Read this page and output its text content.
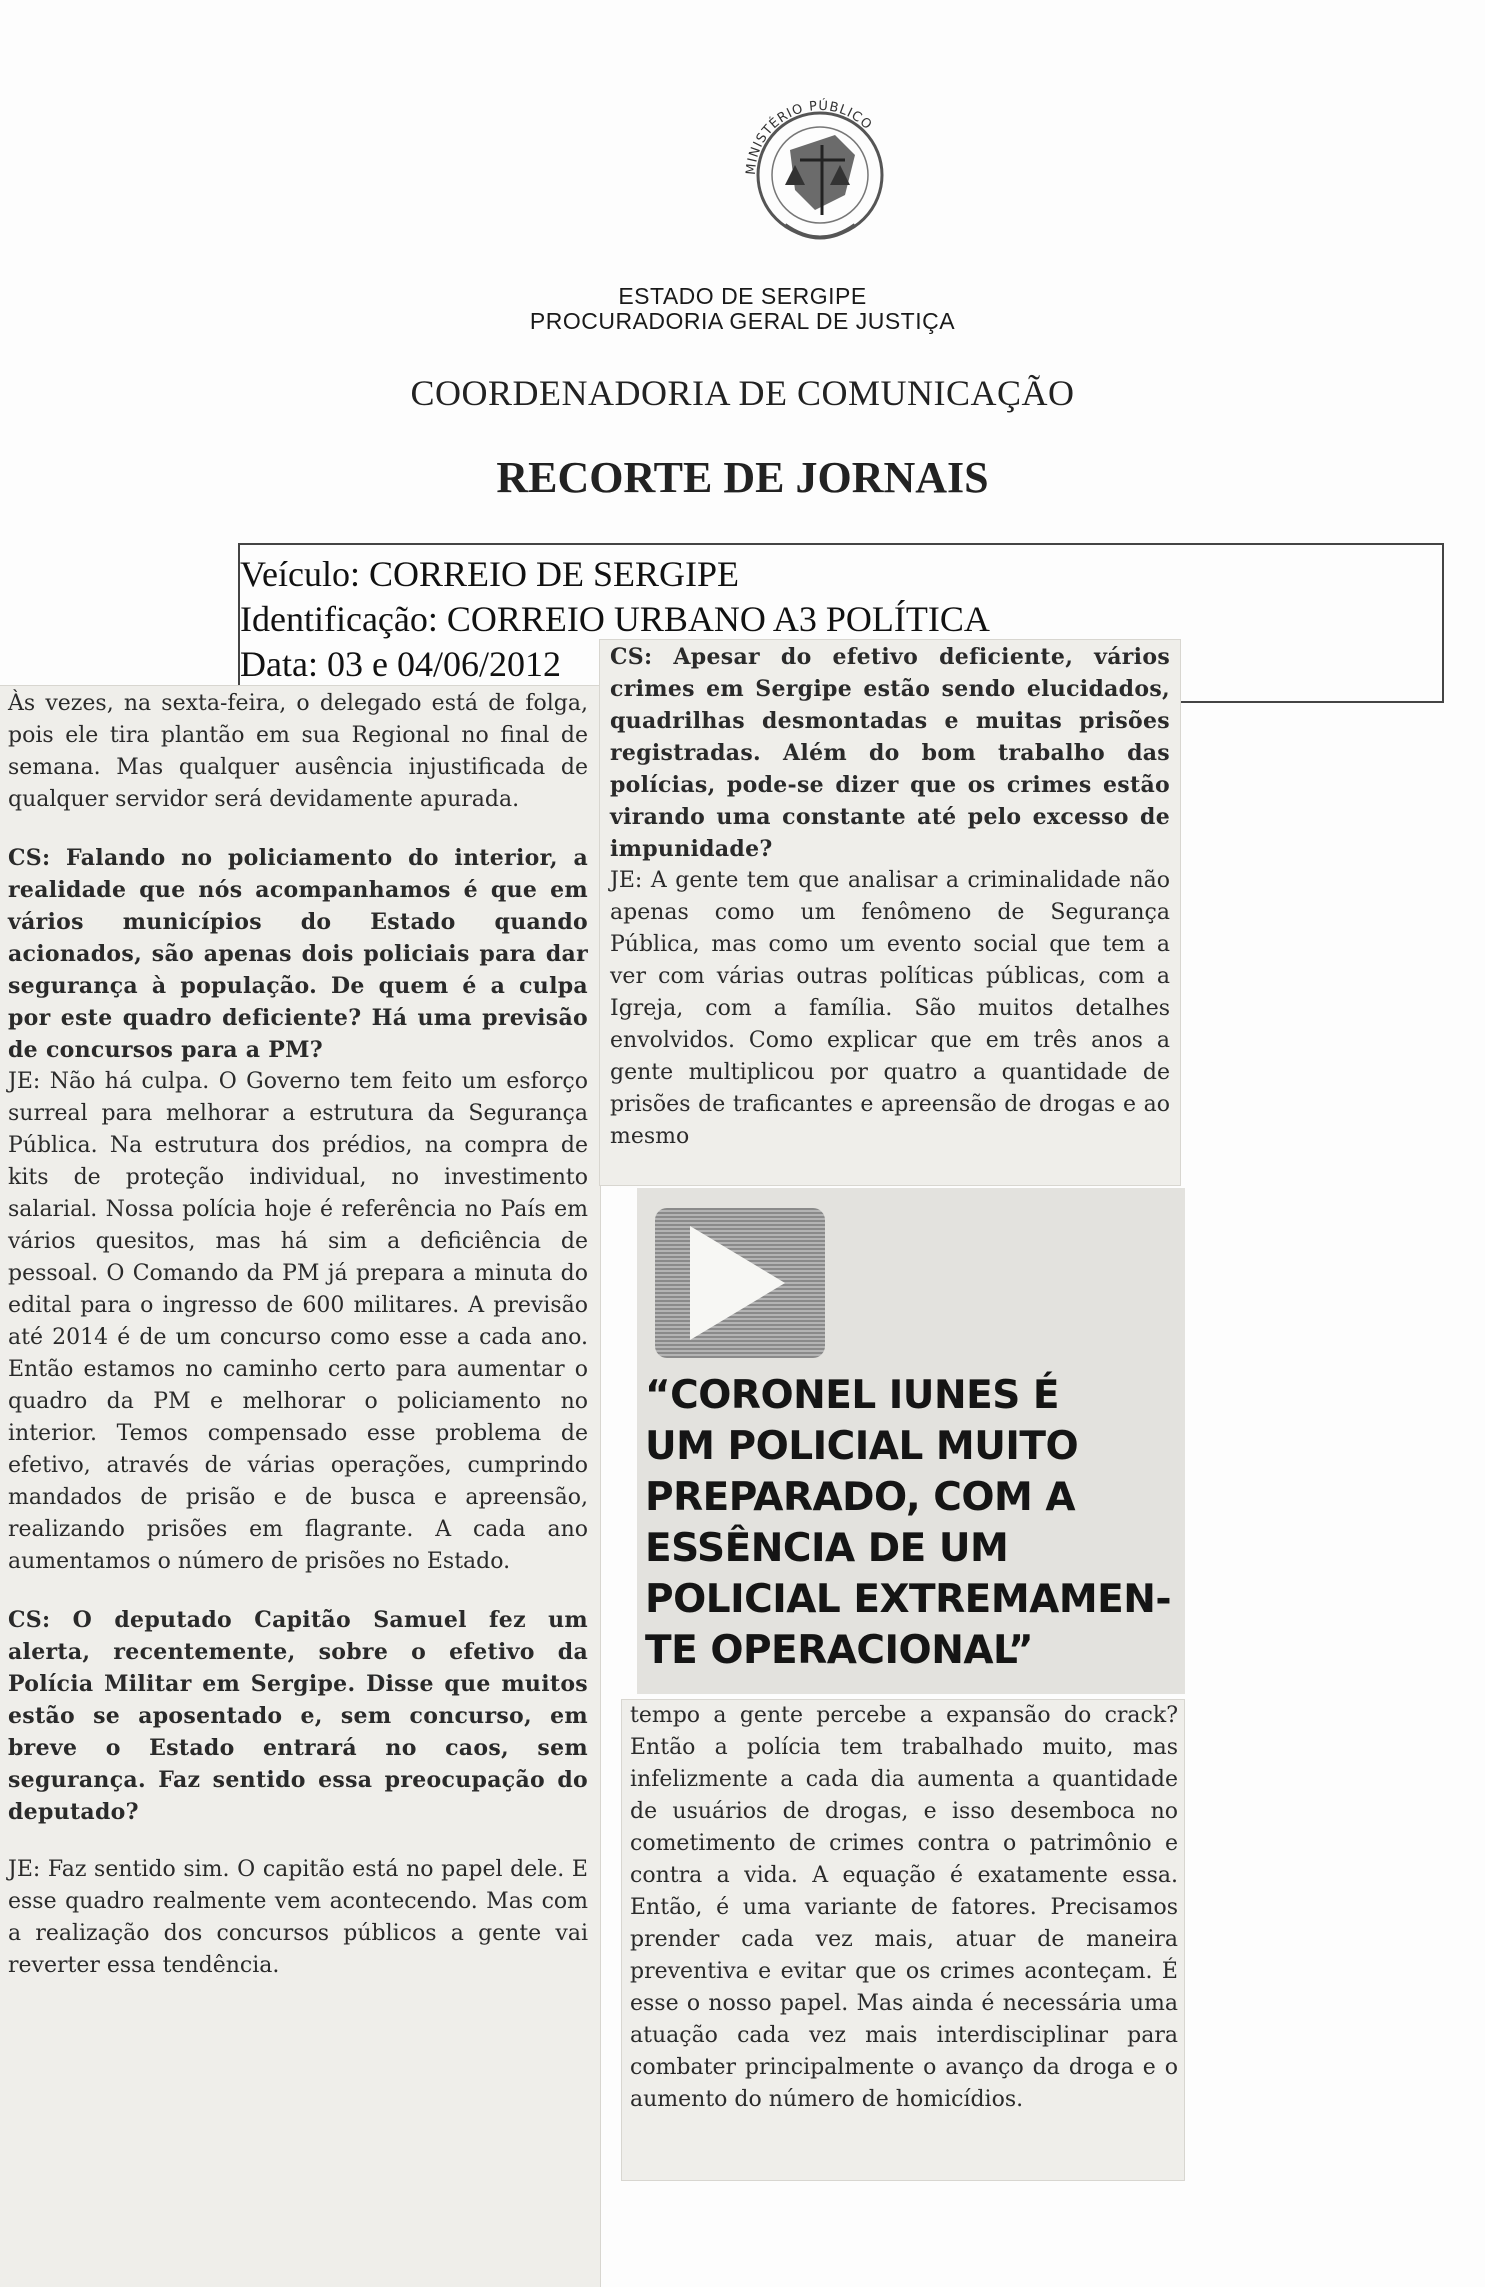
MINISTÉRIO PÚBLICO
ESTADO DE SERGIPE
PROCURADORIA GERAL DE JUSTIÇA
COORDENADORIA DE COMUNICAÇÃO
RECORTE DE JORNAIS
Veículo: CORREIO DE SERGIPE
Identificação: CORREIO URBANO A3 POLÍTICA
Data: 03 e 04/06/2012

Às vezes, na sexta-feira, o delegado está de folga, pois ele tira plantão em sua Regional no final de semana. Mas qualquer ausência injustificada de qualquer servidor será devidamente apurada.

CS: Falando no policiamento do interior, a realidade que nós acompanhamos é que em vários municípios do Estado quando acionados, são apenas dois policiais para dar segurança à população. De quem é a culpa por este quadro deficiente? Há uma previsão de concursos para a PM?

JE: Não há culpa. O Governo tem feito um esforço surreal para melhorar a estrutura da Segurança Pública. Na estrutura dos prédios, na compra de kits de proteção individual, no investimento salarial. Nossa polícia hoje é referência no País em vários quesitos, mas há sim a deficiência de pessoal. O Comando da PM já prepara a minuta do edital para o ingresso de 600 militares. A previsão até 2014 é de um concurso como esse a cada ano. Então estamos no caminho certo para aumentar o quadro da PM e melhorar o policiamento no interior. Temos compensado esse problema de efetivo, através de várias operações, cumprindo mandados de prisão e de busca e apreensão, realizando prisões em flagrante. A cada ano aumentamos o número de prisões no Estado.

CS: O deputado Capitão Samuel fez um alerta, recentemente, sobre o efetivo da Polícia Militar em Sergipe. Disse que muitos estão se aposentado e, sem concurso, em breve o Estado entrará no caos, sem segurança. Faz sentido essa preocupação do deputado?

JE: Faz sentido sim. O capitão está no papel dele. E esse quadro realmente vem acontecendo. Mas com a realização dos concursos públicos a gente vai reverter essa tendência.

CS: Apesar do efetivo deficiente, vários crimes em Sergipe estão sendo elucidados, quadrilhas desmontadas e muitas prisões registradas. Além do bom trabalho das polícias, pode-se dizer que os crimes estão virando uma constante até pelo excesso de impunidade?

JE: A gente tem que analisar a criminalidade não apenas como um fenômeno de Segurança Pública, mas como um evento social que tem a ver com várias outras políticas públicas, com a Igreja, com a família. São muitos detalhes envolvidos. Como explicar que em três anos a gente multiplicou por quatro a quantidade de prisões de traficantes e apreensão de drogas e ao mesmo

“CORONEL IUNES É
UM POLICIAL MUITO
PREPARADO, COM A
ESSÊNCIA DE UM
POLICIAL EXTREMAMEN-
TE OPERACIONAL”

tempo a gente percebe a expansão do crack? Então a polícia tem trabalhado muito, mas infelizmente a cada dia aumenta a quantidade de usuários de drogas, e isso desemboca no cometimento de crimes contra o patrimônio e contra a vida. A equação é exatamente essa. Então, é uma variante de fatores. Precisamos prender cada vez mais, atuar de maneira preventiva e evitar que os crimes aconteçam. É esse o nosso papel. Mas ainda é necessária uma atuação cada vez mais interdisciplinar para combater principalmente o avanço da droga e o aumento do número de homicídios.
